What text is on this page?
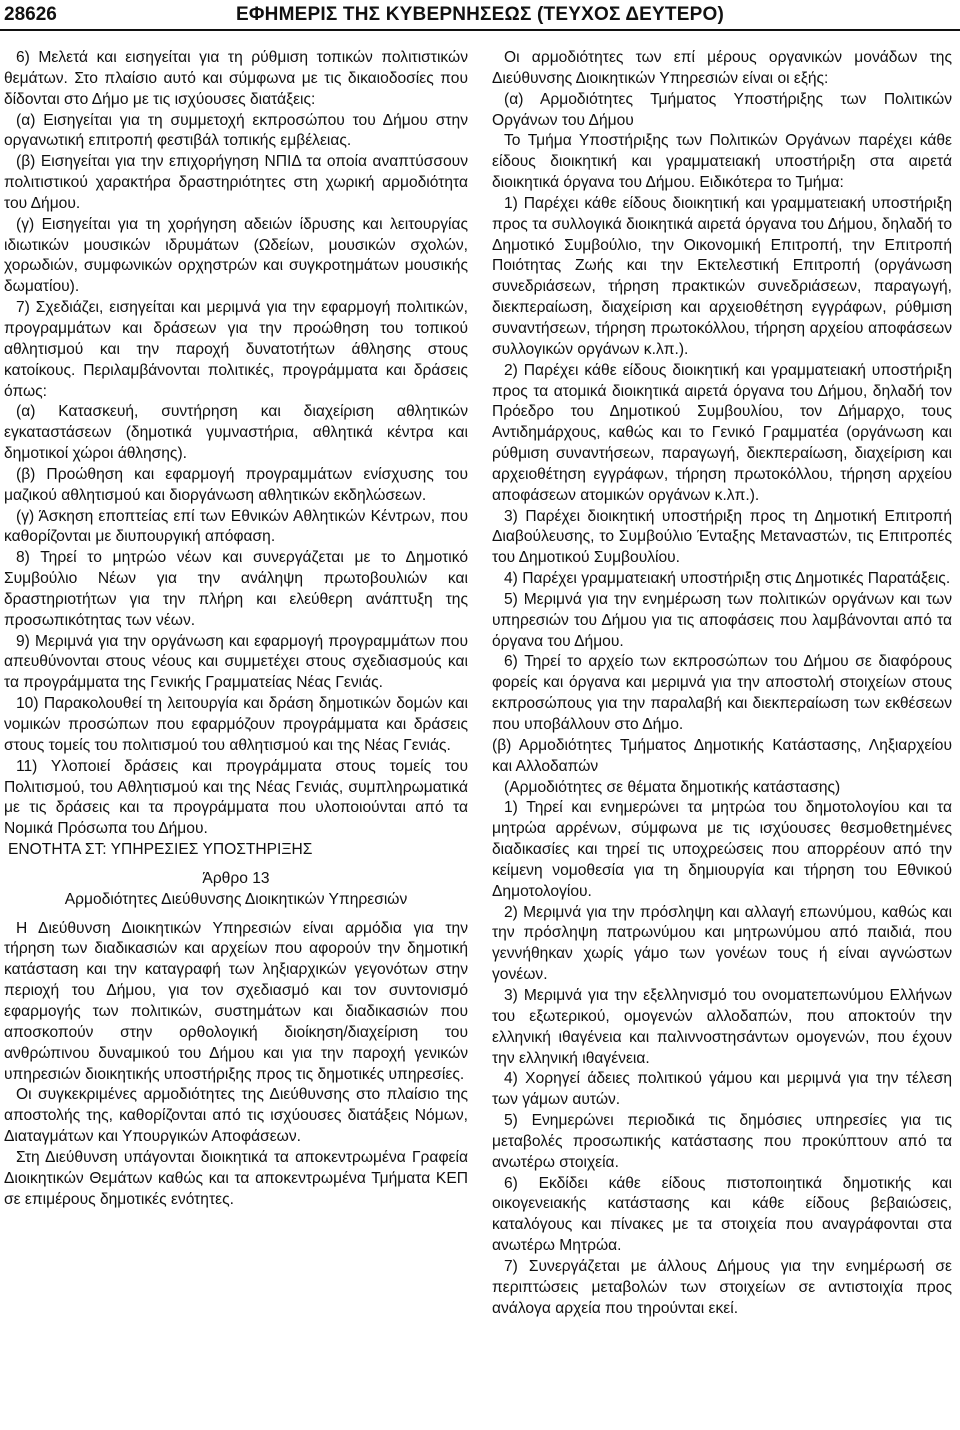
28626	ΕΦΗΜΕΡΙΣ ΤΗΣ ΚΥΒΕΡΝΗΣΕΩΣ (ΤΕΥΧΟΣ ΔΕΥΤΕΡΟ)

6) Μελετά και εισηγείται για τη ρύθμιση τοπικών πολιτιστικών θεμάτων. Στο πλαίσιο αυτό και σύμφωνα με τις δικαιοδοσίες που δίδονται στο Δήμο με τις ισχύουσες διατάξεις:

(α) Εισηγείται για τη συμμετοχή εκπροσώπου του Δήμου στην οργανωτική επιτροπή φεστιβάλ τοπικής εμβέλειας.

(β) Εισηγείται για την επιχορήγηση ΝΠΙΔ τα οποία αναπτύσσουν πολιτιστικού χαρακτήρα δραστηριότητες στη χωρική αρμοδιότητα του Δήμου.

(γ) Εισηγείται για τη χορήγηση αδειών ίδρυσης και λειτουργίας ιδιωτικών μουσικών ιδρυμάτων (Ωδείων, μουσικών σχολών, χορωδιών, συμφωνικών ορχηστρών και συγκροτημάτων μουσικής δωματίου).

7) Σχεδιάζει, εισηγείται και μεριμνά για την εφαρμογή πολιτικών, προγραμμάτων και δράσεων για την προώθηση του τοπικού αθλητισμού και την παροχή δυνατοτήτων άθλησης στους κατοίκους. Περιλαμβάνονται πολιτικές, προγράμματα και δράσεις όπως:

(α) Κατασκευή, συντήρηση και διαχείριση αθλητικών εγκαταστάσεων (δημοτικά γυμναστήρια, αθλητικά κέντρα και δημοτικοί χώροι άθλησης).

(β) Προώθηση και εφαρμογή προγραμμάτων ενίσχυσης του μαζικού αθλητισμού και διοργάνωση αθλητικών εκδηλώσεων.

(γ) Άσκηση εποπτείας επί των Εθνικών Αθλητικών Κέντρων, που καθορίζονται με διυπουργική απόφαση.

8) Τηρεί το μητρώο νέων και συνεργάζεται με το Δημοτικό Συμβούλιο Νέων για την ανάληψη πρωτοβουλιών και δραστηριοτήτων για την πλήρη και ελεύθερη ανάπτυξη της προσωπικότητας των νέων.

9) Μεριμνά για την οργάνωση και εφαρμογή προγραμμάτων που απευθύνονται στους νέους και συμμετέχει στους σχεδιασμούς και τα προγράμματα της Γενικής Γραμματείας Νέας Γενιάς.

10) Παρακολουθεί τη λειτουργία και δράση δημοτικών δομών και νομικών προσώπων που εφαρμόζουν προγράμματα και δράσεις στους τομείς του πολιτισμού του αθλητισμού και της Νέας Γενιάς.

11) Υλοποιεί δράσεις και προγράμματα στους τομείς του Πολιτισμού, του Αθλητισμού και της Νέας Γενιάς, συμπληρωματικά με τις δράσεις και τα προγράμματα που υλοποιούνται από τα Νομικά Πρόσωπα του Δήμου.

ΕΝΟΤΗΤΑ ΣΤ: ΥΠΗΡΕΣΙΕΣ ΥΠΟΣΤΗΡΙΞΗΣ

Άρθρο 13

Αρμοδιότητες Διεύθυνσης Διοικητικών Υπηρεσιών

Η Διεύθυνση Διοικητικών Υπηρεσιών είναι αρμόδια για την τήρηση των διαδικασιών και αρχείων που αφορούν την δημοτική κατάσταση και την καταγραφή των ληξιαρχικών γεγονότων στην περιοχή του Δήμου, για τον σχεδιασμό και τον συντονισμό εφαρμογής των πολιτικών, συστημάτων και διαδικασιών που αποσκοπούν στην ορθολογική διοίκηση/διαχείριση του ανθρώπινου δυναμικού του Δήμου και για την παροχή γενικών υπηρεσιών διοικητικής υποστήριξης προς τις δημοτικές υπηρεσίες.

Οι συγκεκριμένες αρμοδιότητες της Διεύθυνσης στο πλαίσιο της αποστολής της, καθορίζονται από τις ισχύουσες διατάξεις Νόμων, Διαταγμάτων και Υπουργικών Αποφάσεων.

Στη Διεύθυνση υπάγονται διοικητικά τα αποκεντρωμένα Γραφεία Διοικητικών Θεμάτων καθώς και τα αποκεντρωμένα Τμήματα ΚΕΠ σε επιμέρους δημοτικές ενότητες.

Οι αρμοδιότητες των επί μέρους οργανικών μονάδων της Διεύθυνσης Διοικητικών Υπηρεσιών είναι οι εξής:

(α) Αρμοδιότητες Τμήματος Υποστήριξης των Πολιτικών Οργάνων του Δήμου

Το Τμήμα Υποστήριξης των Πολιτικών Οργάνων παρέχει κάθε είδους διοικητική και γραμματειακή υποστήριξη στα αιρετά διοικητικά όργανα του Δήμου. Ειδικότερα το Τμήμα:

1) Παρέχει κάθε είδους διοικητική και γραμματειακή υποστήριξη προς τα συλλογικά διοικητικά αιρετά όργανα του Δήμου, δηλαδή το Δημοτικό Συμβούλιο, την Οικονομική Επιτροπή, την Επιτροπή Ποιότητας Ζωής και την Εκτελεστική Επιτροπή (οργάνωση συνεδριάσεων, τήρηση πρακτικών συνεδριάσεων, παραγωγή, διεκπεραίωση, διαχείριση και αρχειοθέτηση εγγράφων, ρύθμιση συναντήσεων, τήρηση πρωτοκόλλου, τήρηση αρχείου αποφάσεων συλλογικών οργάνων κ.λπ.).

2) Παρέχει κάθε είδους διοικητική και γραμματειακή υποστήριξη προς τα ατομικά διοικητικά αιρετά όργανα του Δήμου, δηλαδή τον Πρόεδρο του Δημοτικού Συμβουλίου, τον Δήμαρχο, τους Αντιδημάρχους, καθώς και το Γενικό Γραμματέα (οργάνωση και ρύθμιση συναντήσεων, παραγωγή, διεκπεραίωση, διαχείριση και αρχειοθέτηση εγγράφων, τήρηση πρωτοκόλλου, τήρηση αρχείου αποφάσεων ατομικών οργάνων κ.λπ.).

3) Παρέχει διοικητική υποστήριξη προς τη Δημοτική Επιτροπή Διαβούλευσης, το Συμβούλιο Ένταξης Μεταναστών, τις Επιτροπές του Δημοτικού Συμβουλίου.

4) Παρέχει γραμματειακή υποστήριξη στις Δημοτικές Παρατάξεις.

5) Μεριμνά για την ενημέρωση των πολιτικών οργάνων και των υπηρεσιών του Δήμου για τις αποφάσεις που λαμβάνονται από τα όργανα του Δήμου.

6) Τηρεί το αρχείο των εκπροσώπων του Δήμου σε διαφόρους φορείς και όργανα και μεριμνά για την αποστολή στοιχείων στους εκπροσώπους για την παραλαβή και διεκπεραίωση των εκθέσεων που υποβάλλουν στο Δήμο.

(β) Αρμοδιότητες Τμήματος Δημοτικής Κατάστασης, Ληξιαρχείου και Αλλοδαπών

(Αρμοδιότητες σε θέματα δημοτικής κατάστασης)

1) Τηρεί και ενημερώνει τα μητρώα του δημοτολογίου και τα μητρώα αρρένων, σύμφωνα με τις ισχύουσες θεσμοθετημένες διαδικασίες και τηρεί τις υποχρεώσεις που απορρέουν από την κείμενη νομοθεσία για τη δημιουργία και τήρηση του Εθνικού Δημοτολογίου.

2) Μεριμνά για την πρόσληψη και αλλαγή επωνύμου, καθώς και την πρόσληψη πατρωνύμου και μητρωνύμου από παιδιά, που γεννήθηκαν χωρίς γάμο των γονέων τους ή είναι αγνώστων γονέων.

3) Μεριμνά για την εξελληνισμό του ονοματεπωνύμου Ελλήνων του εξωτερικού, ομογενών αλλοδαπών, που αποκτούν την ελληνική ιθαγένεια και παλιννοστησάντων ομογενών, που έχουν την ελληνική ιθαγένεια.

4) Χορηγεί άδειες πολιτικού γάμου και μεριμνά για την τέλεση των γάμων αυτών.

5) Ενημερώνει περιοδικά τις δημόσιες υπηρεσίες για τις μεταβολές προσωπικής κατάστασης που προκύπτουν από τα ανωτέρω στοιχεία.

6) Εκδίδει κάθε είδους πιστοποιητικά δημοτικής και οικογενειακής κατάστασης και κάθε είδους βεβαιώσεις, καταλόγους και πίνακες με τα στοιχεία που αναγράφονται στα ανωτέρω Μητρώα.

7) Συνεργάζεται με άλλους Δήμους για την ενημέρωσή σε περιπτώσεις μεταβολών των στοιχείων σε αντιστοιχία προς ανάλογα αρχεία που τηρούνται εκεί.
